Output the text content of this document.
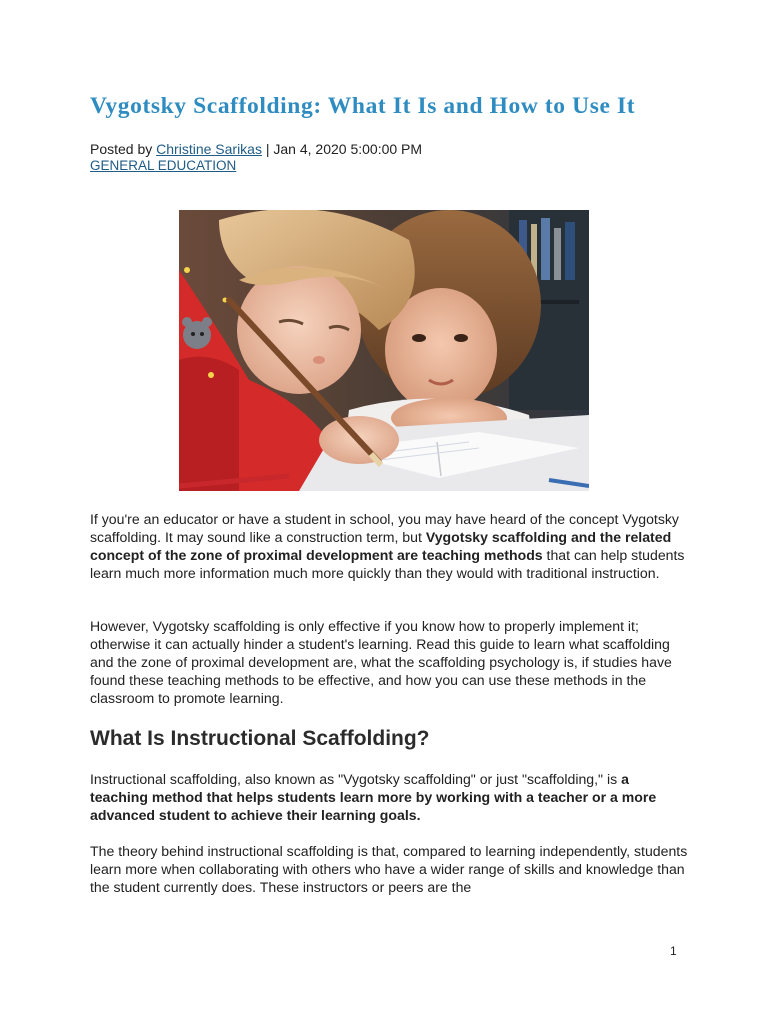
Vygotsky Scaffolding: What It Is and How to Use It
Posted by Christine Sarikas | Jan 4, 2020 5:00:00 PM
GENERAL EDUCATION

If you're an educator or have a student in school, you may have heard of the concept Vygotsky scaffolding. It may sound like a construction term, but Vygotsky scaffolding and the related concept of the zone of proximal development are teaching methods that can help students learn much more information much more quickly than they would with traditional instruction.

However, Vygotsky scaffolding is only effective if you know how to properly implement it; otherwise it can actually hinder a student's learning. Read this guide to learn what scaffolding and the zone of proximal development are, what the scaffolding psychology is, if studies have found these teaching methods to be effective, and how you can use these methods in the classroom to promote learning.

What Is Instructional Scaffolding?

Instructional scaffolding, also known as "Vygotsky scaffolding" or just "scaffolding," is a teaching method that helps students learn more by working with a teacher or a more advanced student to achieve their learning goals.

The theory behind instructional scaffolding is that, compared to learning independently, students learn more when collaborating with others who have a wider range of skills and knowledge than the student currently does. These instructors or peers are the

1
